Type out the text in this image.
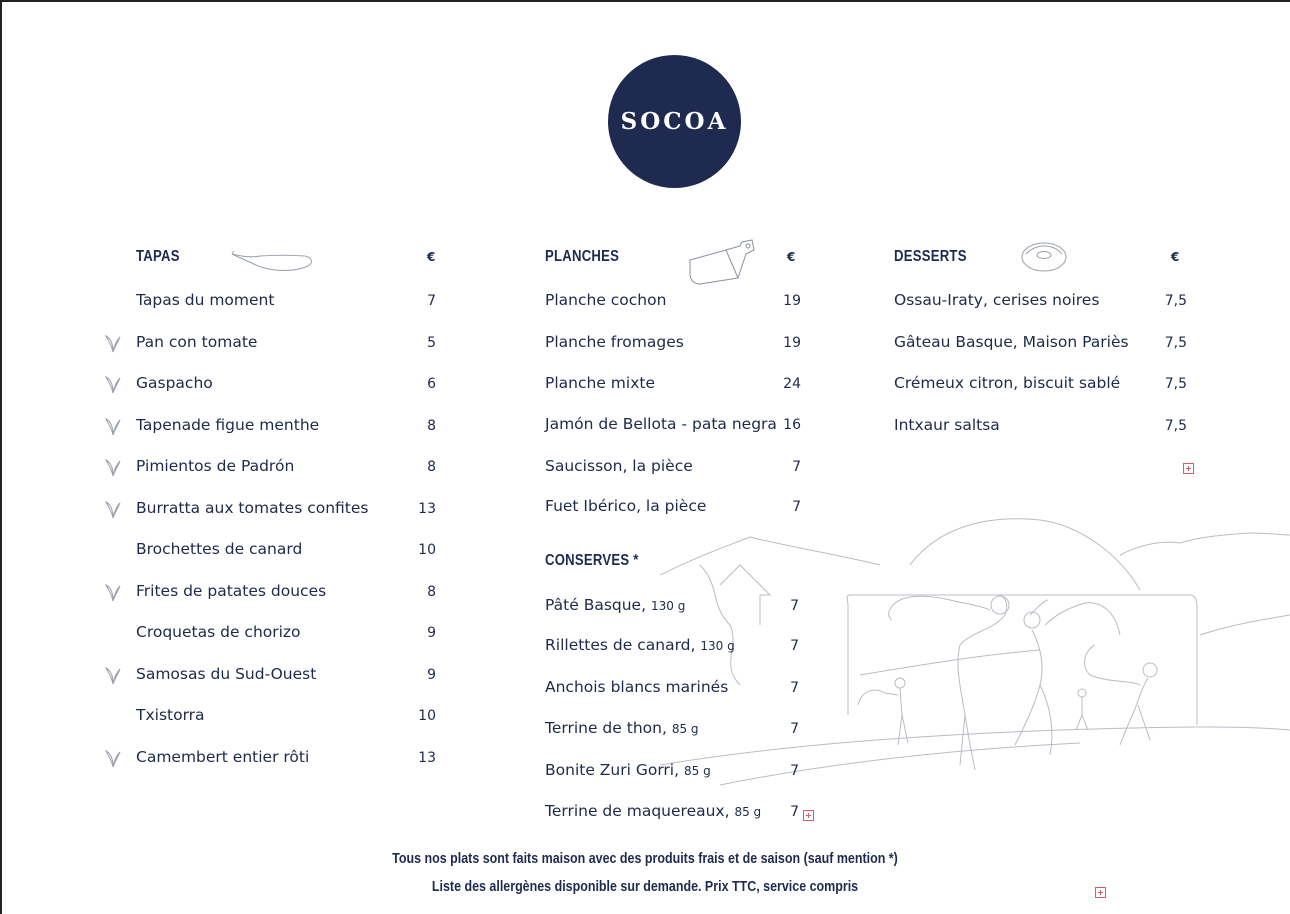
SOCOA
TAPAS	€
Tapas du moment	7
Pan con tomate	5
Gaspacho	6
Tapenade figue menthe	8
Pimientos de Padrón	8
Burratta aux tomates confites	13
Brochettes de canard	10
Frites de patates douces	8
Croquetas de chorizo	9
Samosas du Sud-Ouest	9
Txistorra	10
Camembert entier rôti	13
PLANCHES	€
Planche cochon	19
Planche fromages	19
Planche mixte	24
Jamón de Bellota - pata negra 16
Saucisson, la pièce	7
Fuet Ibérico, la pièce	7
CONSERVES *
Pâté Basque, 130 g	7
Rillettes de canard, 130 g	7
Anchois blancs marinés	7
Terrine de thon, 85 g	7
Bonite Zuri Gorri, 85 g	7
Terrine de maquereaux, 85 g	7
DESSERTS	€
Ossau-Iraty, cerises noires	7,5
Gâteau Basque, Maison Pariès	7,5
Crémeux citron, biscuit sablé	7,5
Intxaur saltsa	7,5
Tous nos plats sont faits maison avec des produits frais et de saison (sauf mention *)
Liste des allergènes disponible sur demande. Prix TTC, service compris
